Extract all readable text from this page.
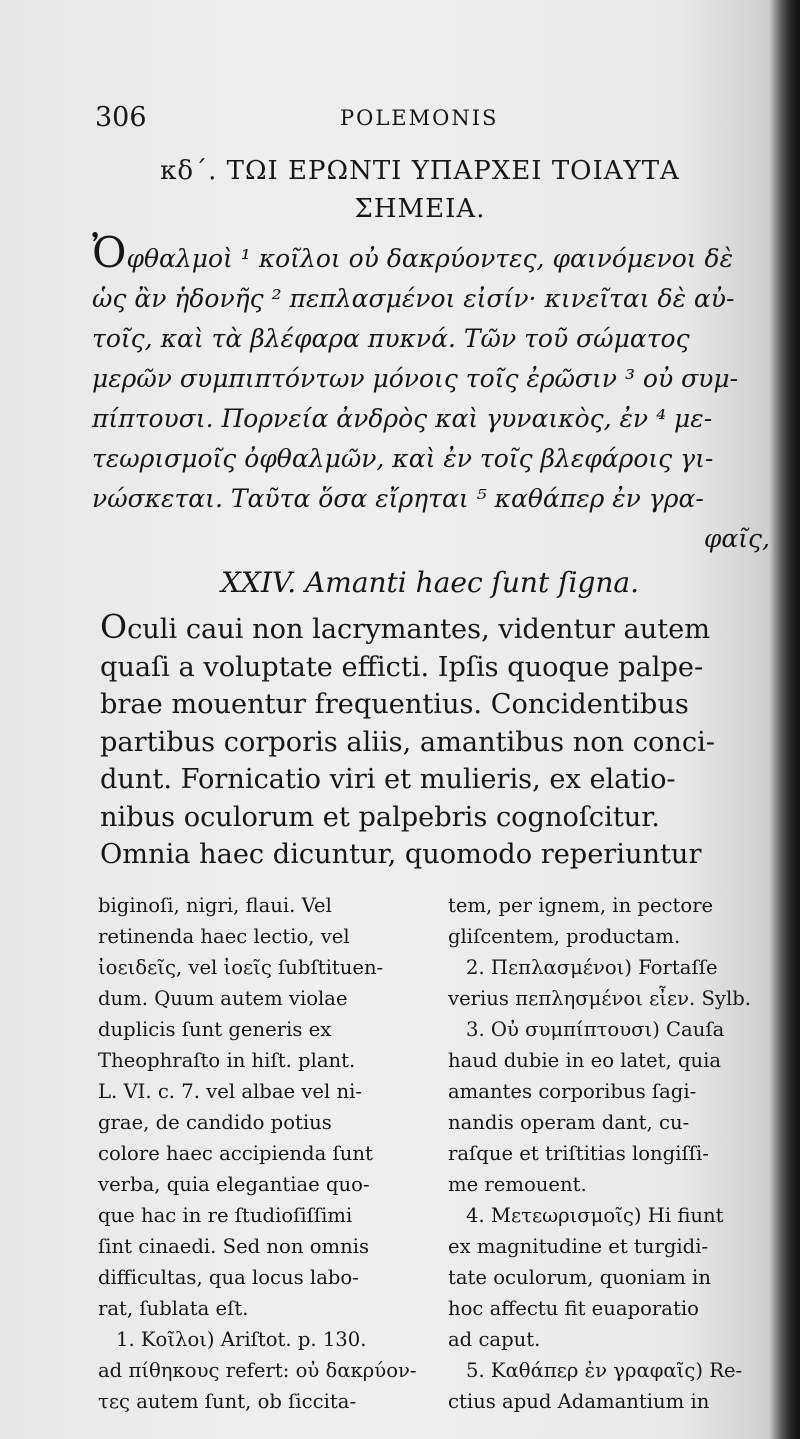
306	POLEMONIS
κδ΄. ΤΩΙ ΕΡΩΝΤΙ ΥΠΑΡΧΕΙ ΤΟΙΑΥΤΑ
ΣΗΜΕΙΑ.

Ὀφθαλμοὶ ¹ κοῖλοι οὐ δακρύοντες, φαινόμενοι δὲ

ὡς ἂν ἡδονῆς ² πεπλασμένοι εἰσίν· κινεῖται δὲ αὐ-

τοῖς, καὶ τὰ βλέφαρα πυκνά. Τῶν τοῦ σώματος

μερῶν συμπιπτόντων μόνοις τοῖς ἐρῶσιν ³ οὐ συμ-

πίπτουσι. Πορνεία ἀνδρὸς καὶ γυναικὸς, ἐν ⁴ με-

τεωρισμοῖς ὀφθαλμῶν, καὶ ἐν τοῖς βλεφάροις γι-

νώσκεται. Ταῦτα ὅσα εἴρηται ⁵ καθάπερ ἐν γρα-

φαῖς,

XXIV. Amanti haec ſunt ſigna.

Oculi caui non lacrymantes, videntur autem

quaſi a voluptate efficti. Ipſis quoque palpe-

brae mouentur frequentius. Concidentibus

partibus corporis aliis, amantibus non conci-

dunt. Fornicatio viri et mulieris, ex elatio-

nibus oculorum et palpebris cognoſcitur.

Omnia haec dicuntur, quomodo reperiuntur

biginoſi, nigri, flaui. Vel

retinenda haec lectio, vel

ἰοειδεῖς, vel ἰοεῖς ſubſtituen-

dum. Quum autem violae

duplicis ſunt generis ex

Theophraſto in hiſt. plant.

L. VI. c. 7. vel albae vel ni-

grae, de candido potius

colore haec accipienda ſunt

verba, quia elegantiae quo-

que hac in re ſtudioſiſſimi

ſint cinaedi. Sed non omnis

difficultas, qua locus labo-

rat, ſublata eſt.

1. Κοῖλοι) Ariſtot. p. 130.

ad πίθηκους refert: οὐ δακρύον-

τες autem ſunt, ob ſiccita-

tem, per ignem, in pectore

gliſcentem, productam.

2. Πεπλασμένοι) Fortaſſe

verius πεπλησμένοι εἶεν. Sylb.

3. Οὐ συμπίπτουσι) Cauſa

haud dubie in eo latet, quia

amantes corporibus ſagi-

nandis operam dant, cu-

raſque et triſtitias longiſſi-

me remouent.

4. Μετεωρισμοῖς) Hi fiunt

ex magnitudine et turgidi-

tate oculorum, quoniam in

hoc affectu fit euaporatio

ad caput.

5. Καθάπερ ἐν γραφαῖς) Re-

ctius apud Adamantium in
